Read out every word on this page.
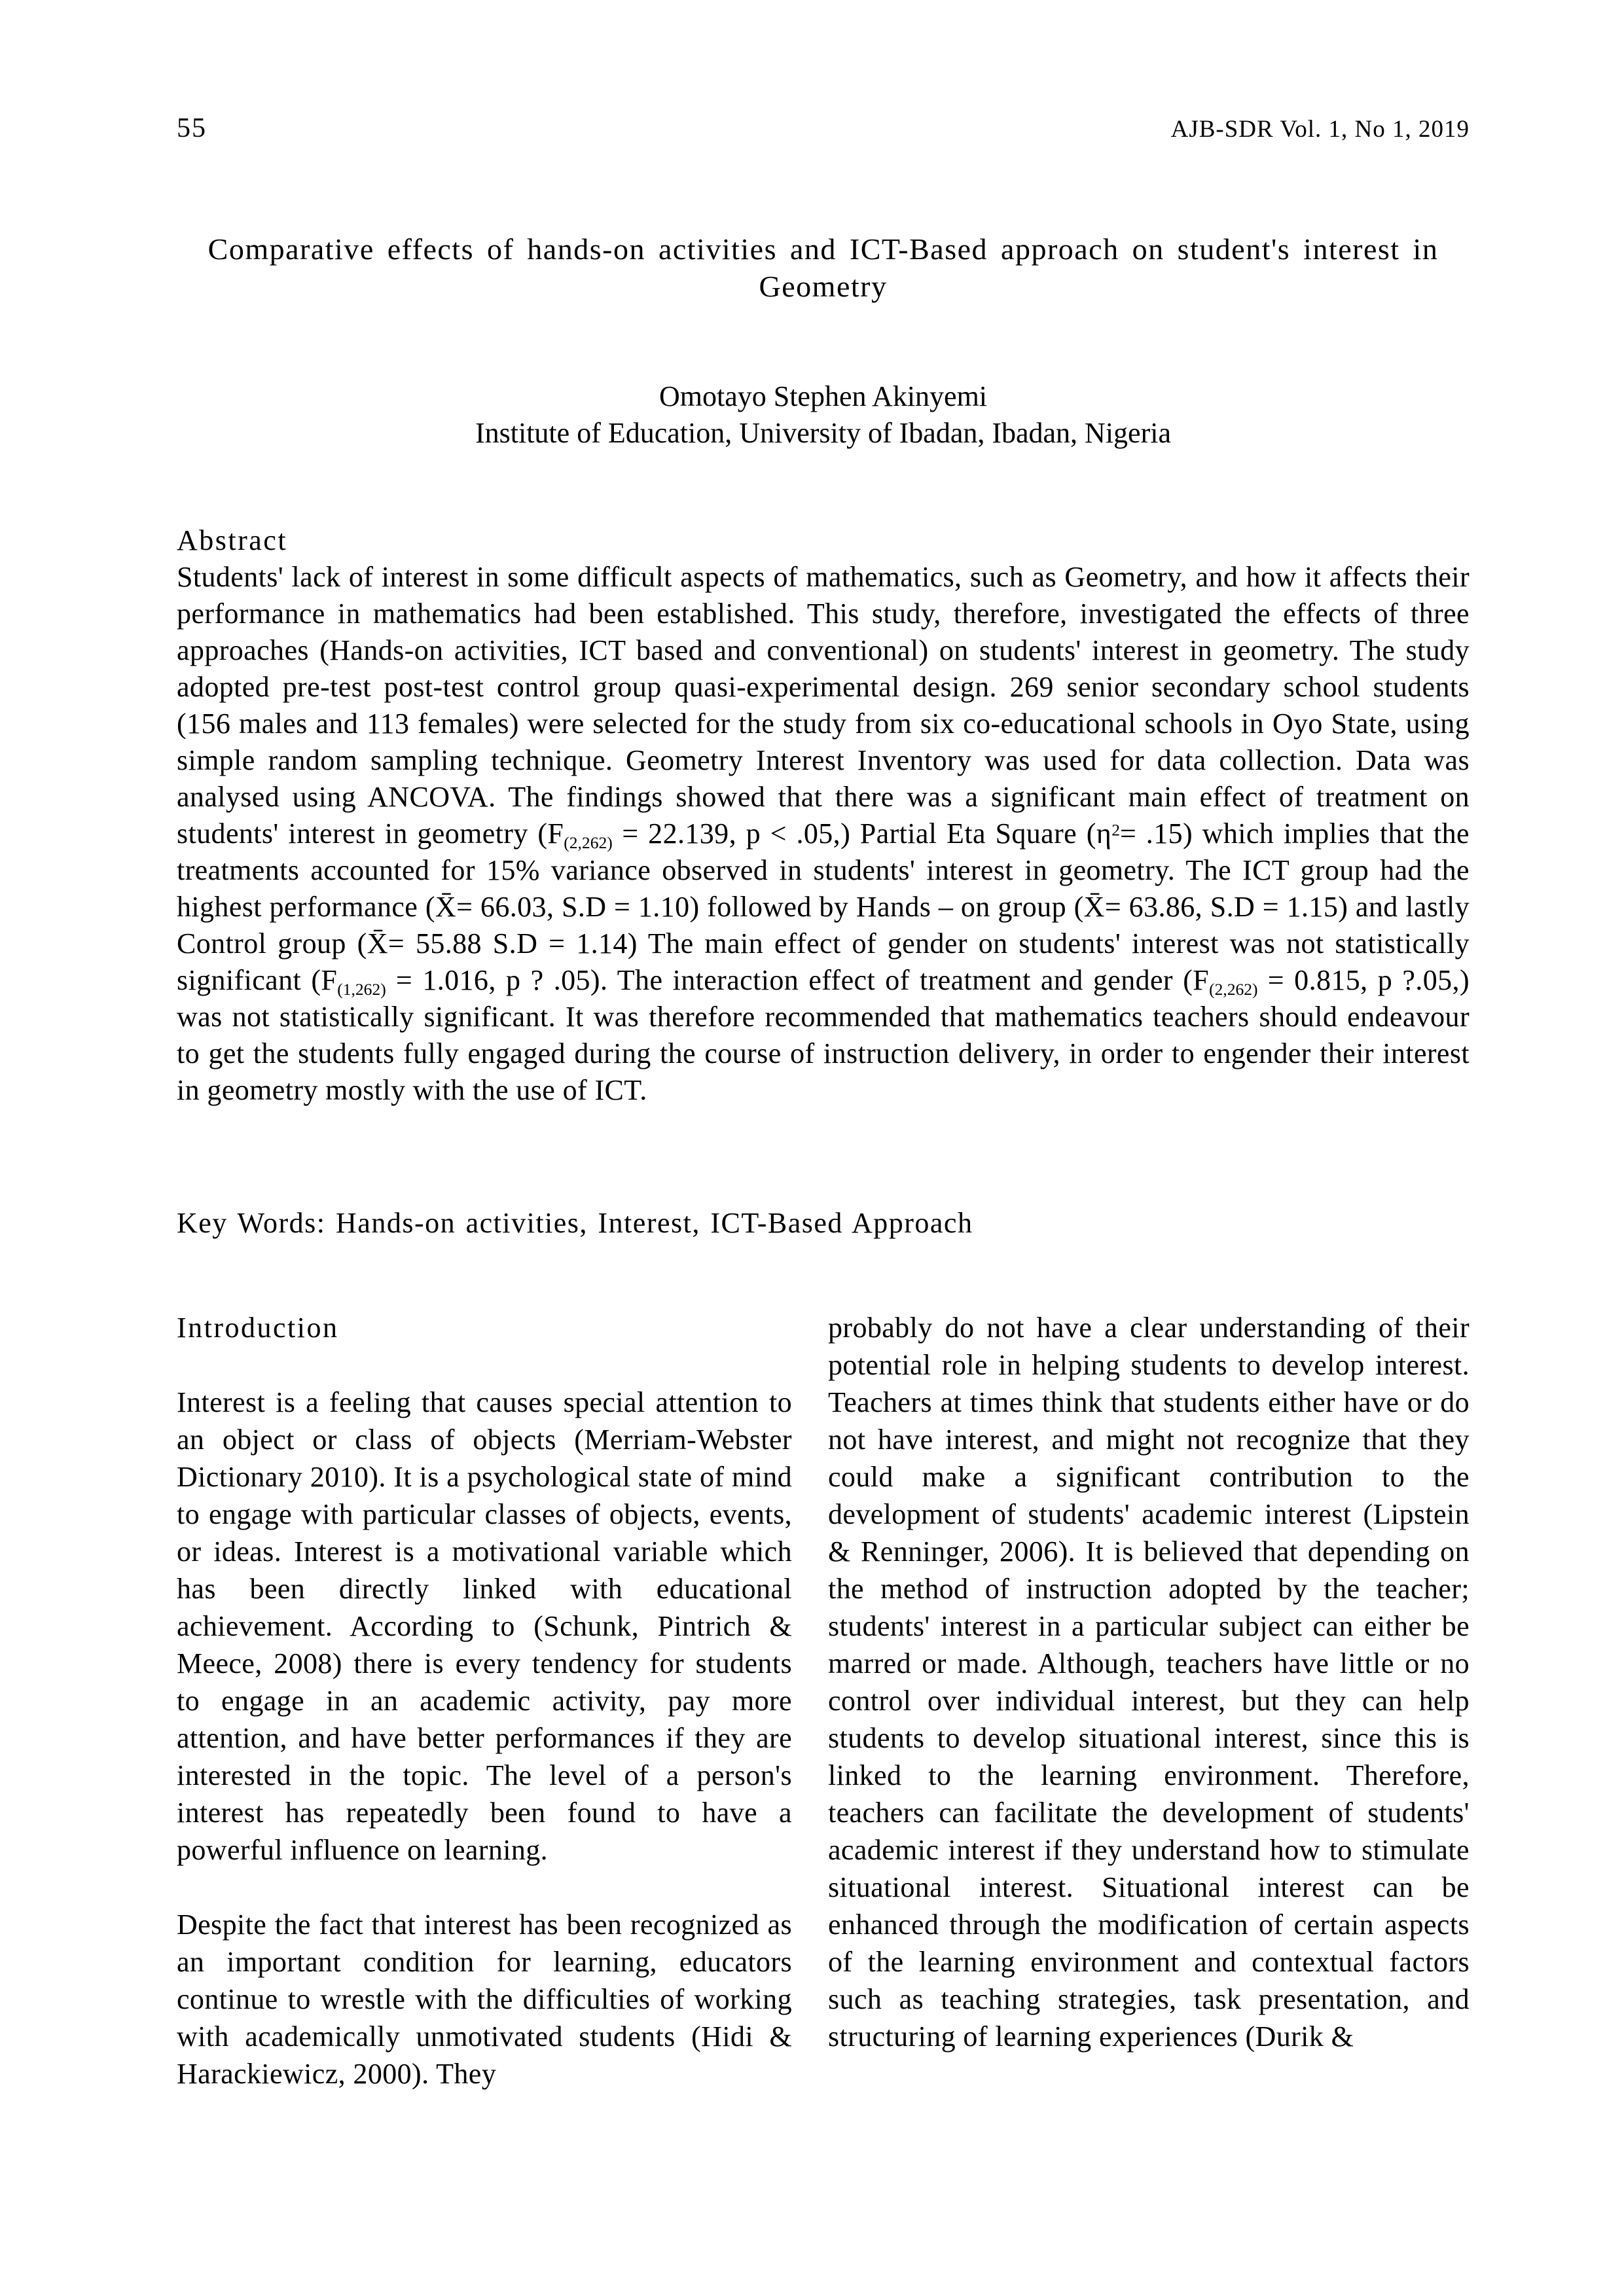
55	AJB-SDR Vol. 1, No 1, 2019
Comparative effects of hands-on activities and ICT-Based approach on student's interest in Geometry
Omotayo Stephen Akinyemi
Institute of Education, University of Ibadan, Ibadan, Nigeria
Abstract

Students' lack of interest in some difficult aspects of mathematics, such as Geometry, and how it affects their performance in mathematics had been established. This study, therefore, investigated the effects of three approaches (Hands-on activities, ICT based and conventional) on students' interest in geometry. The study adopted pre-test post-test control group quasi-experimental design. 269 senior secondary school students (156 males and 113 females) were selected for the study from six co-educational schools in Oyo State, using simple random sampling technique. Geometry Interest Inventory was used for data collection. Data was analysed using ANCOVA. The findings showed that there was a significant main effect of treatment on students' interest in geometry ($F_{(2,262)} = 22.139$, p < .05,) Partial Eta Square $(\eta^2= .15)$ which implies that the treatments accounted for 15% variance observed in students' interest in geometry. The ICT group had the highest performance (X̄= 66.03, S.D = 1.10) followed by Hands – on group (X̄= 63.86, S.D = 1.15) and lastly Control group (X̄= 55.88 S.D = 1.14) The main effect of gender on students' interest was not statistically significant ($F_{(1,262)} = 1.016$, p ? .05). The interaction effect of treatment and gender ($F_{(2,262)} = 0.815$, p ?.05,) was not statistically significant. It was therefore recommended that mathematics teachers should endeavour to get the students fully engaged during the course of instruction delivery, in order to engender their interest in geometry mostly with the use of ICT.

Key Words: Hands-on activities, Interest, ICT-Based Approach
Introduction

Interest is a feeling that causes special attention to an object or class of objects (Merriam-Webster Dictionary 2010). It is a psychological state of mind to engage with particular classes of objects, events, or ideas. Interest is a motivational variable which has been directly linked with educational achievement. According to (Schunk, Pintrich & Meece, 2008) there is every tendency for students to engage in an academic activity, pay more attention, and have better performances if they are interested in the topic. The level of a person's interest has repeatedly been found to have a powerful influence on learning.

Despite the fact that interest has been recognized as an important condition for learning, educators continue to wrestle with the difficulties of working with academically unmotivated students (Hidi & Harackiewicz, 2000). They

probably do not have a clear understanding of their potential role in helping students to develop interest. Teachers at times think that students either have or do not have interest, and might not recognize that they could make a significant contribution to the development of students' academic interest (Lipstein & Renninger, 2006). It is believed that depending on the method of instruction adopted by the teacher; students' interest in a particular subject can either be marred or made. Although, teachers have little or no control over individual interest, but they can help students to develop situational interest, since this is linked to the learning environment. Therefore, teachers can facilitate the development of students' academic interest if they understand how to stimulate situational interest. Situational interest can be enhanced through the modification of certain aspects of the learning environment and contextual factors such as teaching strategies, task presentation, and structuring of learning experiences (Durik &
